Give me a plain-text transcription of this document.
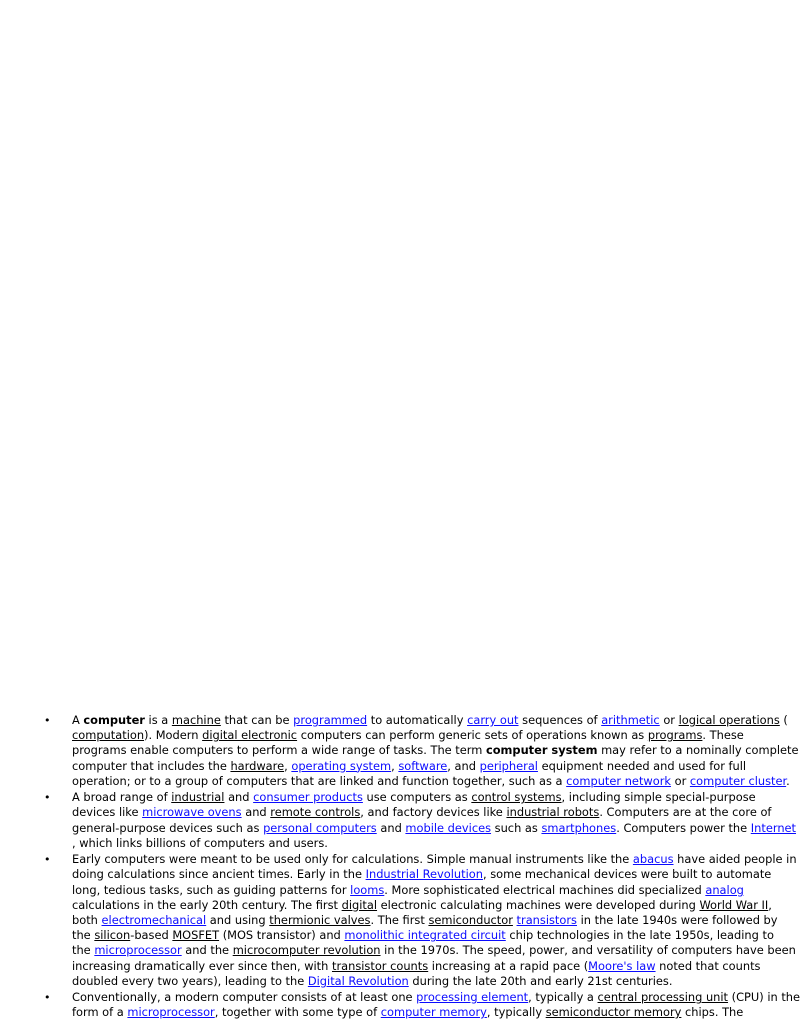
• A computer is a machine that can be programmed to automatically carry out sequences of arithmetic or logical operations (
computation). Modern digital electronic computers can perform generic sets of operations known as programs. These
programs enable computers to perform a wide range of tasks. The term computer system may refer to a nominally complete
computer that includes the hardware, operating system, software, and peripheral equipment needed and used for full
operation; or to a group of computers that are linked and function together, such as a computer network or computer cluster.
• A broad range of industrial and consumer products use computers as control systems, including simple special-purpose
devices like microwave ovens and remote controls, and factory devices like industrial robots. Computers are at the core of
general-purpose devices such as personal computers and mobile devices such as smartphones. Computers power the Internet
, which links billions of computers and users.
• Early computers were meant to be used only for calculations. Simple manual instruments like the abacus have aided people in
doing calculations since ancient times. Early in the Industrial Revolution, some mechanical devices were built to automate
long, tedious tasks, such as guiding patterns for looms. More sophisticated electrical machines did specialized analog
calculations in the early 20th century. The first digital electronic calculating machines were developed during World War II,
both electromechanical and using thermionic valves. The first semiconductor transistors in the late 1940s were followed by
the silicon-based MOSFET (MOS transistor) and monolithic integrated circuit chip technologies in the late 1950s, leading to
the microprocessor and the microcomputer revolution in the 1970s. The speed, power, and versatility of computers have been
increasing dramatically ever since then, with transistor counts increasing at a rapid pace (Moore's law noted that counts
doubled every two years), leading to the Digital Revolution during the late 20th and early 21st centuries.
• Conventionally, a modern computer consists of at least one processing element, typically a central processing unit (CPU) in the
form of a microprocessor, together with some type of computer memory, typically semiconductor memory chips. The
